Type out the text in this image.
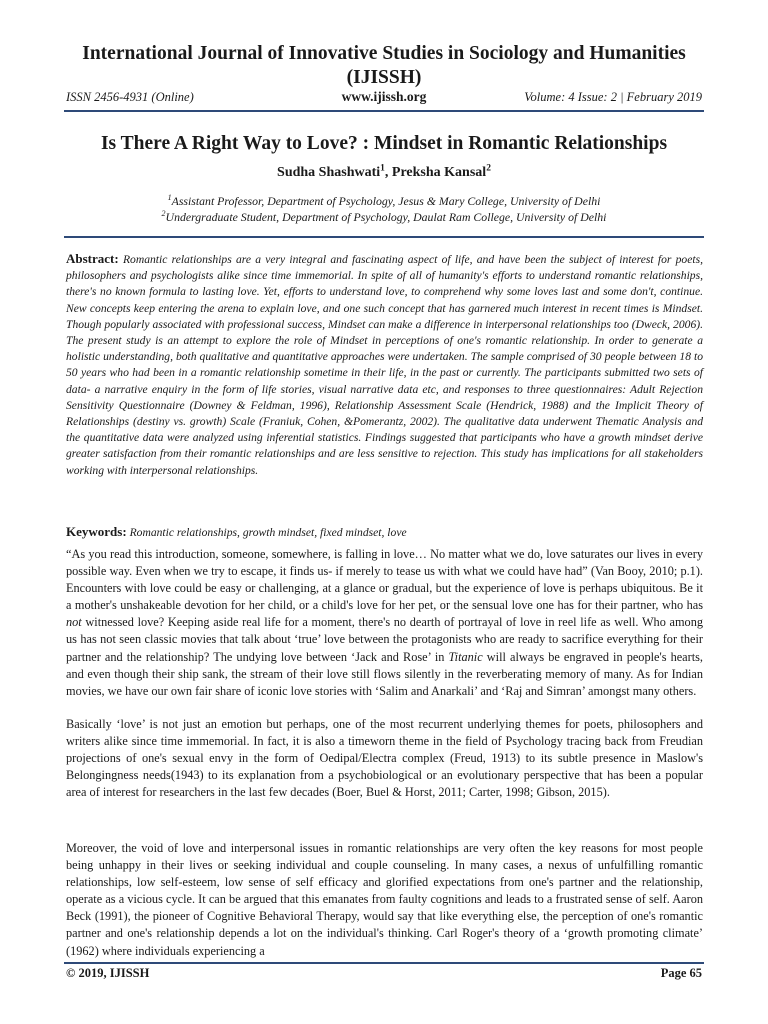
International Journal of Innovative Studies in Sociology and Humanities
(IJISSH)
ISSN 2456-4931 (Online)	www.ijissh.org	Volume: 4 Issue: 2 | February 2019
Is There A Right Way to Love? : Mindset in Romantic Relationships
Sudha Shashwati$^1$, Preksha Kansal$^2$
$^1$Assistant Professor, Department of Psychology, Jesus & Mary College, University of Delhi
$^2$Undergraduate Student, Department of Psychology, Daulat Ram College, University of Delhi
Abstract: Romantic relationships are a very integral and fascinating aspect of life, and have been the subject of interest for poets, philosophers and psychologists alike since time immemorial. In spite of all of humanity's efforts to understand romantic relationships, there's no known formula to lasting love. Yet, efforts to understand love, to comprehend why some loves last and some don't, continue. New concepts keep entering the arena to explain love, and one such concept that has garnered much interest in recent times is Mindset. Though popularly associated with professional success, Mindset can make a difference in interpersonal relationships too (Dweck, 2006). The present study is an attempt to explore the role of Mindset in perceptions of one's romantic relationship. In order to generate a holistic understanding, both qualitative and quantitative approaches were undertaken. The sample comprised of 30 people between 18 to 50 years who had been in a romantic relationship sometime in their life, in the past or currently. The participants submitted two sets of data- a narrative enquiry in the form of life stories, visual narrative data etc, and responses to three questionnaires: Adult Rejection Sensitivity Questionnaire (Downey & Feldman, 1996), Relationship Assessment Scale (Hendrick, 1988) and the Implicit Theory of Relationships (destiny vs. growth) Scale (Franiuk, Cohen, &Pomerantz, 2002). The qualitative data underwent Thematic Analysis and the quantitative data were analyzed using inferential statistics. Findings suggested that participants who have a growth mindset derive greater satisfaction from their romantic relationships and are less sensitive to rejection. This study has implications for all stakeholders working with interpersonal relationships.
Keywords: Romantic relationships, growth mindset, fixed mindset, love
“As you read this introduction, someone, somewhere, is falling in love… No matter what we do, love saturates our lives in every possible way. Even when we try to escape, it finds us- if merely to tease us with what we could have had” (Van Booy, 2010; p.1). Encounters with love could be easy or challenging, at a glance or gradual, but the experience of love is perhaps ubiquitous. Be it a mother's unshakeable devotion for her child, or a child's love for her pet, or the sensual love one has for their partner, who has not witnessed love? Keeping aside real life for a moment, there's no dearth of portrayal of love in reel life as well. Who among us has not seen classic movies that talk about ‘true’ love between the protagonists who are ready to sacrifice everything for their partner and the relationship? The undying love between ‘Jack and Rose’ in Titanic will always be engraved in people's hearts, and even though their ship sank, the stream of their love still flows silently in the reverberating memory of many. As for Indian movies, we have our own fair share of iconic love stories with ‘Salim and Anarkali’ and ‘Raj and Simran’ amongst many others.
Basically ‘love’ is not just an emotion but perhaps, one of the most recurrent underlying themes for poets, philosophers and writers alike since time immemorial. In fact, it is also a timeworn theme in the field of Psychology tracing back from Freudian projections of one's sexual envy in the form of Oedipal/Electra complex (Freud, 1913) to its subtle presence in Maslow's Belongingness needs(1943) to its explanation from a psychobiological or an evolutionary perspective that has been a popular area of interest for researchers in the last few decades (Boer, Buel & Horst, 2011; Carter, 1998; Gibson, 2015).
Moreover, the void of love and interpersonal issues in romantic relationships are very often the key reasons for most people being unhappy in their lives or seeking individual and couple counseling. In many cases, a nexus of unfulfilling romantic relationships, low self-esteem, low sense of self efficacy and glorified expectations from one's partner and the relationship, operate as a vicious cycle. It can be argued that this emanates from faulty cognitions and leads to a frustrated sense of self. Aaron Beck (1991), the pioneer of Cognitive Behavioral Therapy, would say that like everything else, the perception of one's romantic partner and one's relationship depends a lot on the individual's thinking. Carl Roger's theory of a ‘growth promoting climate’ (1962) where individuals experiencing a
© 2019, IJISSH	Page 65
